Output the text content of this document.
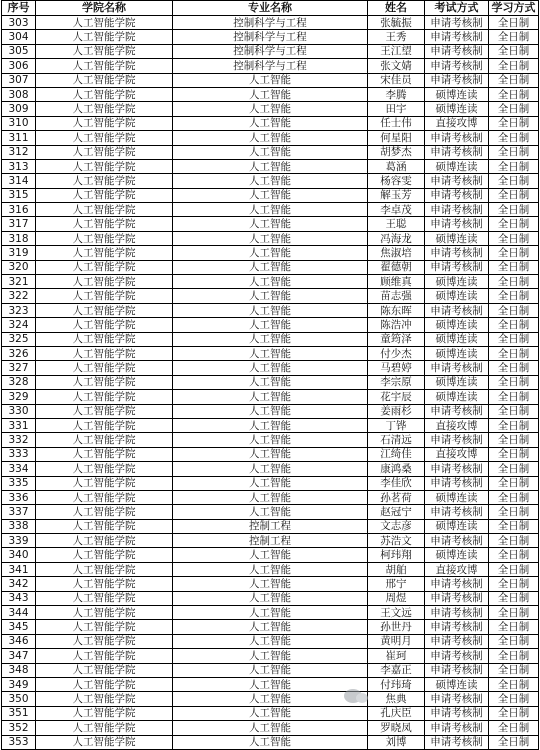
序号	学院名称	专业名称	姓名	考试方式	学习方式
303	人工智能学院	控制科学与工程	张毓振	申请考核制	全日制
304	人工智能学院	控制科学与工程	王秀	申请考核制	全日制
305	人工智能学院	控制科学与工程	王江望	申请考核制	全日制
306	人工智能学院	控制科学与工程	张文婧	申请考核制	全日制
307	人工智能学院	人工智能	宋佳员	申请考核制	全日制
308	人工智能学院	人工智能	李腾	硕博连读	全日制
309	人工智能学院	人工智能	田宇	硕博连读	全日制
310	人工智能学院	人工智能	任士伟	直接攻博	全日制
311	人工智能学院	人工智能	何星阳	申请考核制	全日制
312	人工智能学院	人工智能	胡梦杰	申请考核制	全日制
313	人工智能学院	人工智能	葛涵	硕博连读	全日制
314	人工智能学院	人工智能	杨容雯	申请考核制	全日制
315	人工智能学院	人工智能	解玉芳	申请考核制	全日制
316	人工智能学院	人工智能	李卓茂	申请考核制	全日制
317	人工智能学院	人工智能	王聪	申请考核制	全日制
318	人工智能学院	人工智能	冯海龙	硕博连读	全日制
319	人工智能学院	人工智能	焦淑培	申请考核制	全日制
320	人工智能学院	人工智能	翟德朝	申请考核制	全日制
321	人工智能学院	人工智能	顾维真	硕博连读	全日制
322	人工智能学院	人工智能	苗志强	硕博连读	全日制
323	人工智能学院	人工智能	陈东晖	申请考核制	全日制
324	人工智能学院	人工智能	陈浩冲	硕博连读	全日制
325	人工智能学院	人工智能	童筠泽	硕博连读	全日制
326	人工智能学院	人工智能	付少杰	硕博连读	全日制
327	人工智能学院	人工智能	马碧婷	申请考核制	全日制
328	人工智能学院	人工智能	李宗原	硕博连读	全日制
329	人工智能学院	人工智能	花宇辰	硕博连读	全日制
330	人工智能学院	人工智能	姜雨杉	申请考核制	全日制
331	人工智能学院	人工智能	丁铧	直接攻博	全日制
332	人工智能学院	人工智能	石清远	申请考核制	全日制
333	人工智能学院	人工智能	江绮佳	直接攻博	全日制
334	人工智能学院	人工智能	康鸿桑	申请考核制	全日制
335	人工智能学院	人工智能	李佳欣	申请考核制	全日制
336	人工智能学院	人工智能	孙茗荷	硕博连读	全日制
337	人工智能学院	人工智能	赵冠宁	申请考核制	全日制
338	人工智能学院	控制工程	文志彦	硕博连读	全日制
339	人工智能学院	控制工程	苏浩文	申请考核制	全日制
340	人工智能学院	人工智能	柯玮翔	硕博连读	全日制
341	人工智能学院	人工智能	胡舶	直接攻博	全日制
342	人工智能学院	人工智能	邢宁	申请考核制	全日制
343	人工智能学院	人工智能	周煜	申请考核制	全日制
344	人工智能学院	人工智能	王文远	申请考核制	全日制
345	人工智能学院	人工智能	孙世丹	申请考核制	全日制
346	人工智能学院	人工智能	黄明月	申请考核制	全日制
347	人工智能学院	人工智能	崔珂	申请考核制	全日制
348	人工智能学院	人工智能	李嘉正	申请考核制	全日制
349	人工智能学院	人工智能	付玮琦	硕博连读	全日制
350	人工智能学院	人工智能	焦典	申请考核制	全日制
351	人工智能学院	人工智能	孔庆臣	申请考核制	全日制
352	人工智能学院	人工智能	罗晓凤	申请考核制	全日制
353	人工智能学院	人工智能	刘博	申请考核制	全日制
